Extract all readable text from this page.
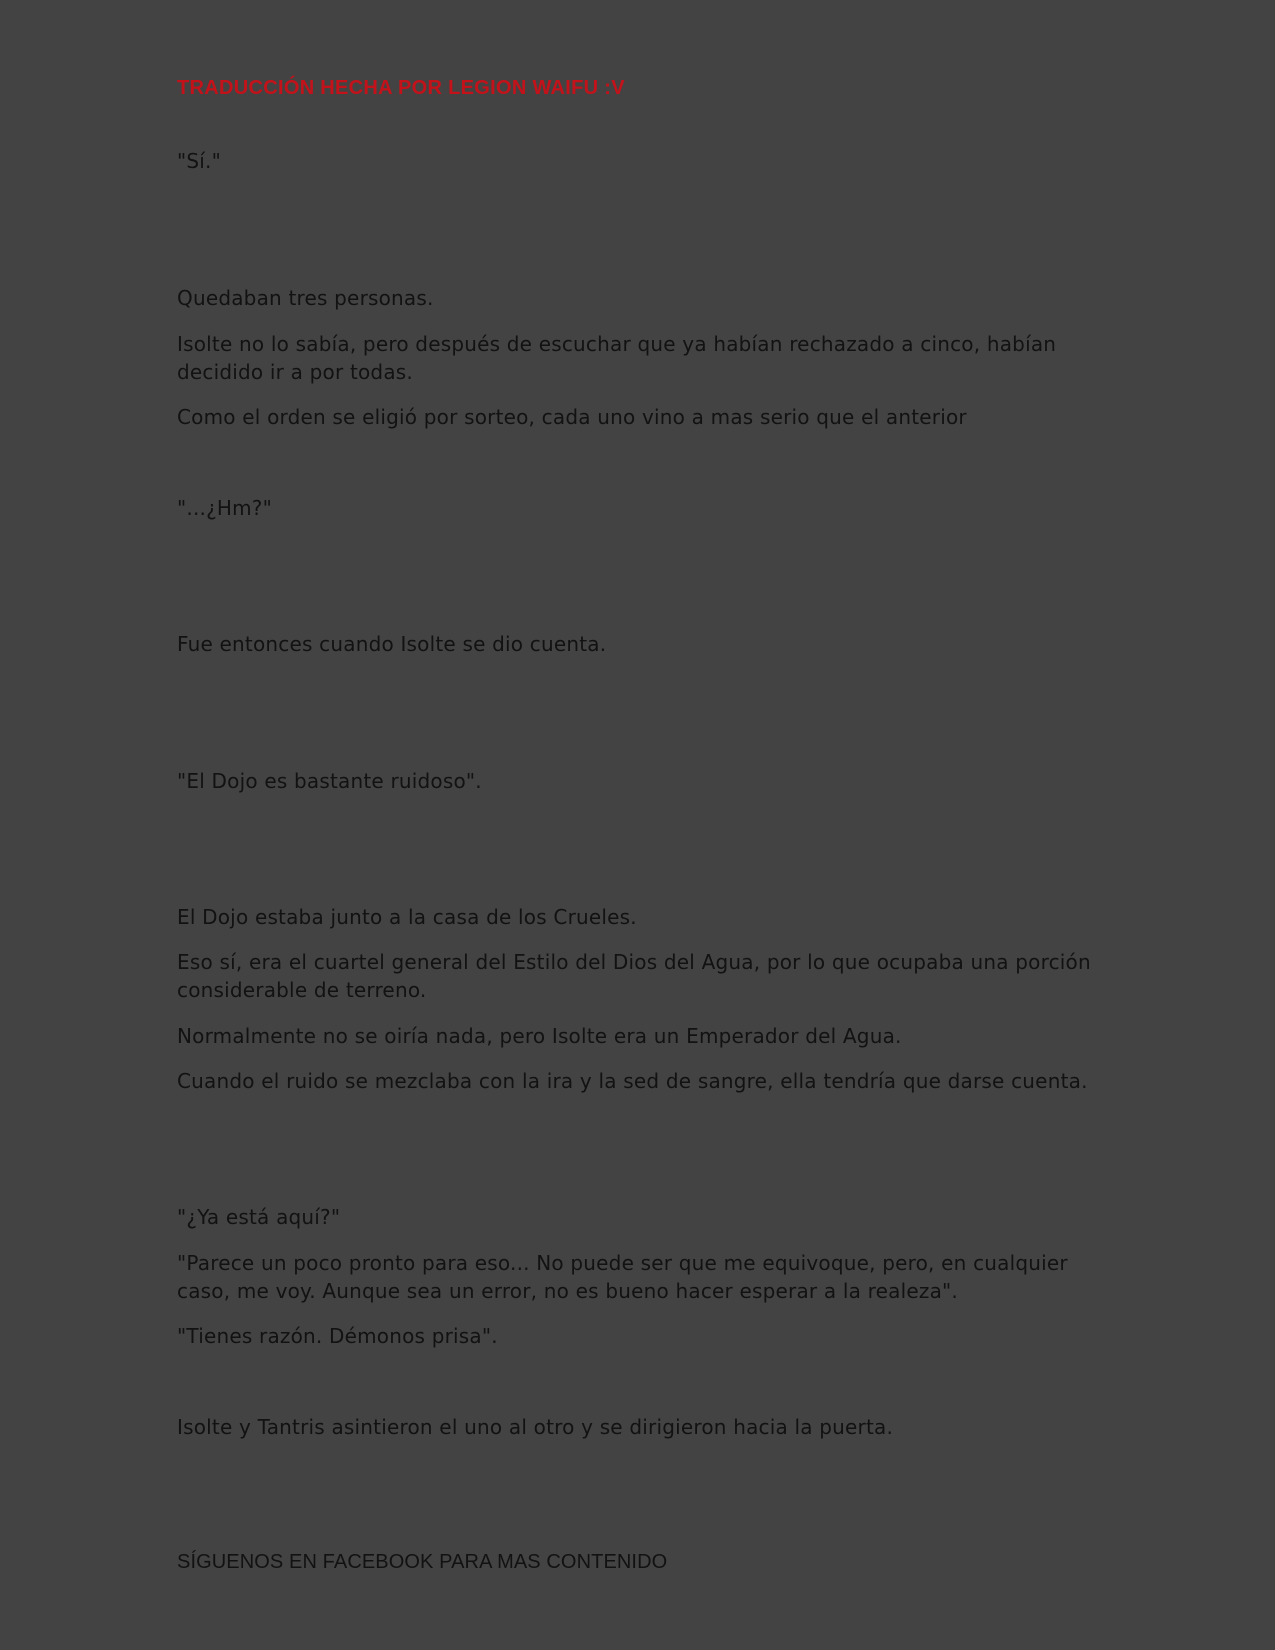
TRADUCCIÓN HECHA POR LEGION WAIFU :V

"Sí."

Quedaban tres personas.

Isolte no lo sabía, pero después de escuchar que ya habían rechazado a cinco, habían decidido ir a por todas.

Como el orden se eligió por sorteo, cada uno vino a mas serio que el anterior

"...¿Hm?"

Fue entonces cuando Isolte se dio cuenta.

"El Dojo es bastante ruidoso".

El Dojo estaba junto a la casa de los Crueles.

Eso sí, era el cuartel general del Estilo del Dios del Agua, por lo que ocupaba una porción considerable de terreno.

Normalmente no se oiría nada, pero Isolte era un Emperador del Agua.

Cuando el ruido se mezclaba con la ira y la sed de sangre, ella tendría que darse cuenta.

"¿Ya está aquí?"

"Parece un poco pronto para eso... No puede ser que me equivoque, pero, en cualquier caso, me voy. Aunque sea un error, no es bueno hacer esperar a la realeza".

"Tienes razón. Démonos prisa".

Isolte y Tantris asintieron el uno al otro y se dirigieron hacia la puerta.

SÍGUENOS EN FACEBOOK PARA MAS CONTENIDO
